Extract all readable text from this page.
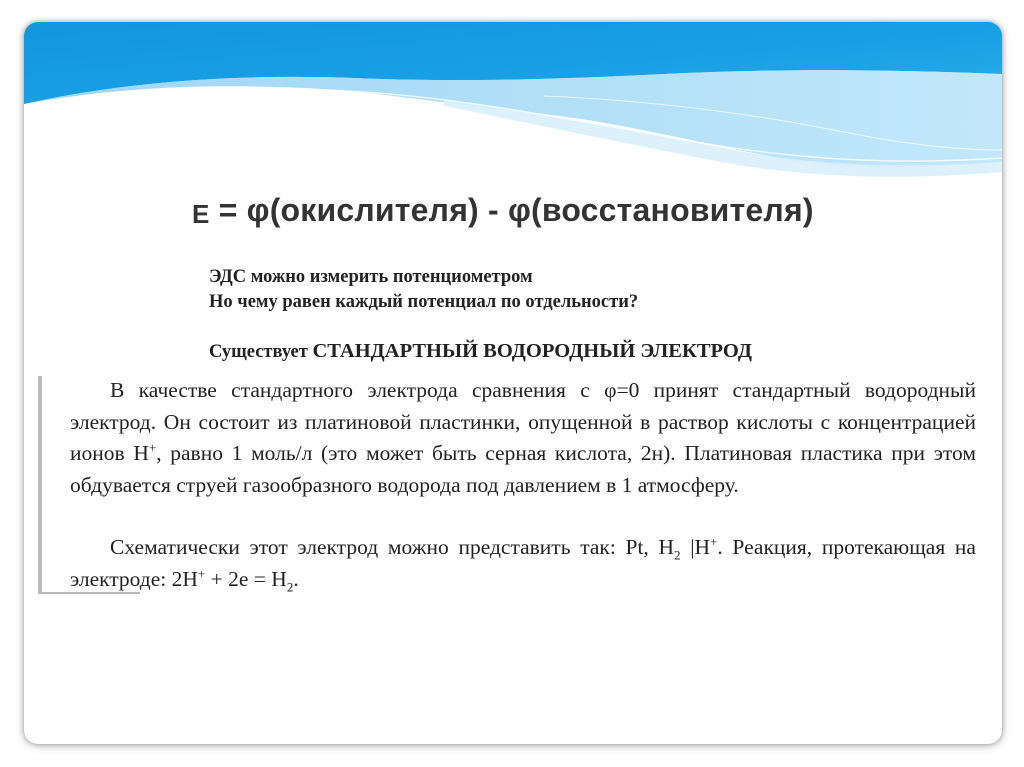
E = φ(окислителя) - φ(восстановителя)
ЭДС можно измерить потенциометром
Но чему равен каждый потенциал по отдельности?
Существует СТАНДАРТНЫЙ ВОДОРОДНЫЙ ЭЛЕКТРОД
В качестве стандартного электрода сравнения с φ=0 принят стандартный водородный электрод. Он состоит из платиновой пластинки, опущенной в раствор кислоты с концентрацией ионов H+, равно 1 моль/л (это может быть серная кислота, 2н). Платиновая пластика при этом обдувается струей газообразного водорода под давлением в 1 атмосферу.
Схематически этот электрод можно представить так: Pt, $H_2$ |H+. Реакция, протекающая на электроде: $2H^+ + 2e = H_2$.
